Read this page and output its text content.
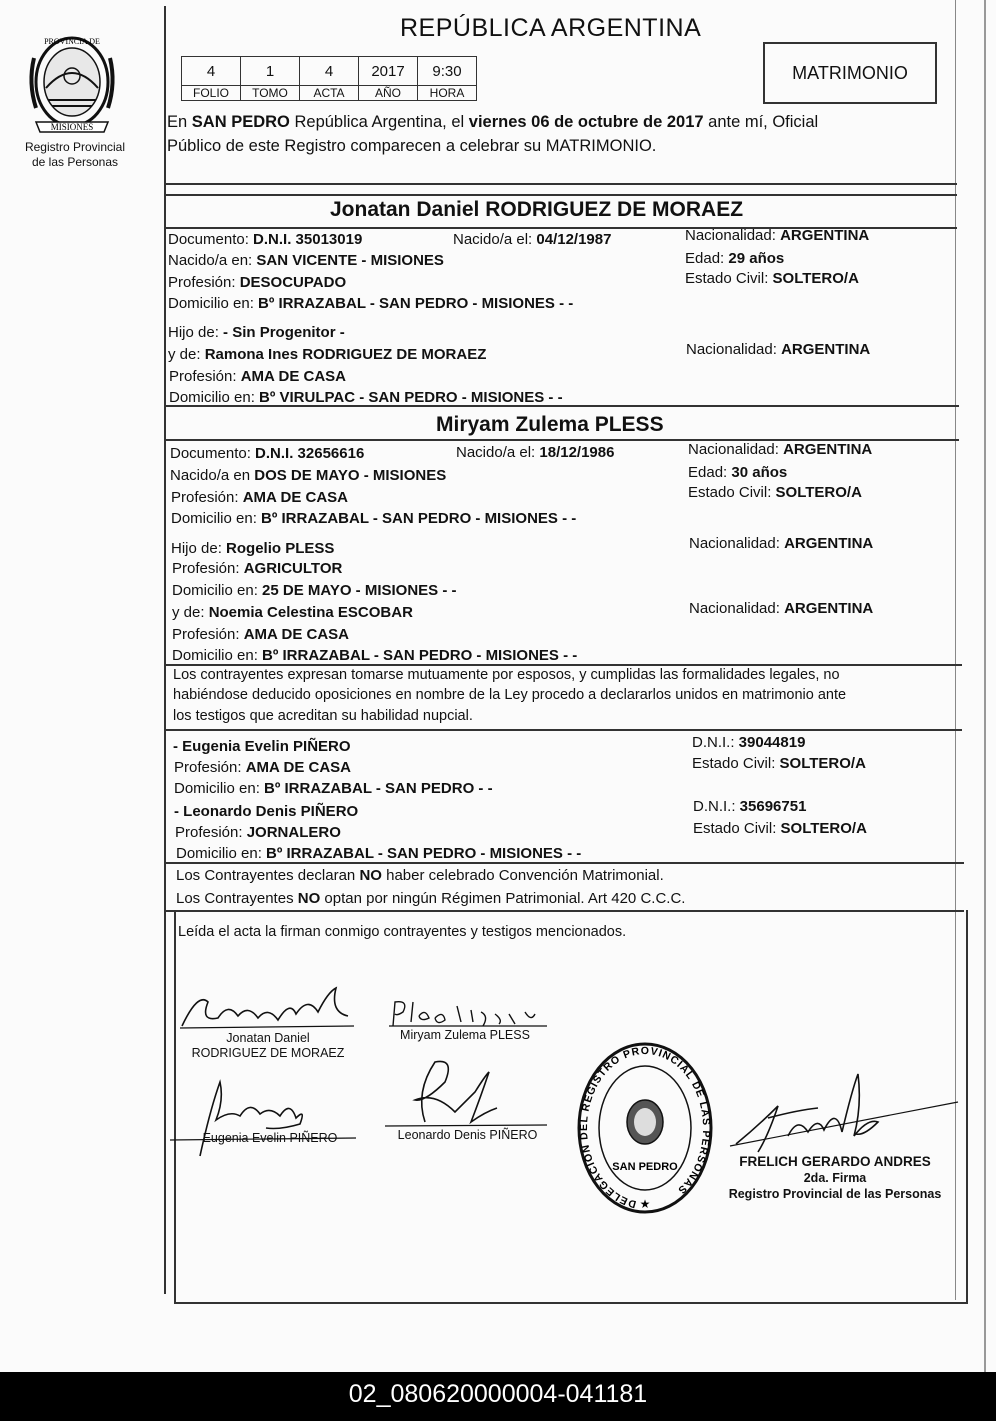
PROVINCIA DE
MISIONES
Registro Provincial
de las Personas
REPÚBLICA ARGENTINA
4	1	4	2017	9:30
FOLIO	TOMO	ACTA	AÑO	HORA
MATRIMONIO
En SAN PEDRO República Argentina, el viernes 06 de octubre de 2017 ante mí, Oficial
Público de este Registro comparecen a celebrar su MATRIMONIO.
Jonatan Daniel RODRIGUEZ DE MORAEZ
Documento: D.N.I. 35013019	Nacido/a el: 04/12/1987	Nacionalidad: ARGENTINA
Nacido/a en: SAN VICENTE - MISIONES	Edad: 29 años
Profesión: DESOCUPADO	Estado Civil: SOLTERO/A
Domicilio en: Bº IRRAZABAL - SAN PEDRO - MISIONES - -
Hijo de: - Sin Progenitor -
y de: Ramona Ines RODRIGUEZ DE MORAEZ	Nacionalidad: ARGENTINA
Profesión: AMA DE CASA
Domicilio en: Bº VIRULPAC - SAN PEDRO - MISIONES - -
Miryam Zulema PLESS
Documento: D.N.I. 32656616	Nacido/a el: 18/12/1986	Nacionalidad: ARGENTINA
Nacido/a en DOS DE MAYO - MISIONES	Edad: 30 años
Profesión: AMA DE CASA	Estado Civil: SOLTERO/A
Domicilio en: Bº IRRAZABAL - SAN PEDRO - MISIONES - -
Hijo de: Rogelio PLESS	Nacionalidad: ARGENTINA
Profesión: AGRICULTOR
Domicilio en: 25 DE MAYO - MISIONES - -
y de: Noemia Celestina ESCOBAR	Nacionalidad: ARGENTINA
Profesión: AMA DE CASA
Domicilio en: Bº IRRAZABAL - SAN PEDRO - MISIONES - -
Los contrayentes expresan tomarse mutuamente por esposos, y cumplidas las formalidades legales, no
habiéndose deducido oposiciones en nombre de la Ley procedo a declararlos unidos en matrimonio ante
los testigos que acreditan su habilidad nupcial.
- Eugenia Evelin PIÑERO	D.N.I.: 39044819
Profesión: AMA DE CASA	Estado Civil: SOLTERO/A
Domicilio en: Bº IRRAZABAL - SAN PEDRO - -
- Leonardo Denis PIÑERO	D.N.I.: 35696751
Profesión: JORNALERO	Estado Civil: SOLTERO/A
Domicilio en: Bº IRRAZABAL - SAN PEDRO - MISIONES - -
Los Contrayentes declaran NO haber celebrado Convención Matrimonial.
Los Contrayentes NO optan por ningún Régimen Patrimonial. Art 420 C.C.C.
Leída el acta la firman conmigo contrayentes y testigos mencionados.
Jonatan Daniel
RODRIGUEZ DE MORAEZ
Miryam Zulema PLESS
Eugenia Evelin PIÑERO	Leonardo Denis PIÑERO
DELEGACION DEL REGISTRO PROVINCIAL DE LAS PERSONAS
SAN PEDRO
★
FRELICH GERARDO ANDRES
2da. Firma
Registro Provincial de las Personas
02_080620000004-041181
